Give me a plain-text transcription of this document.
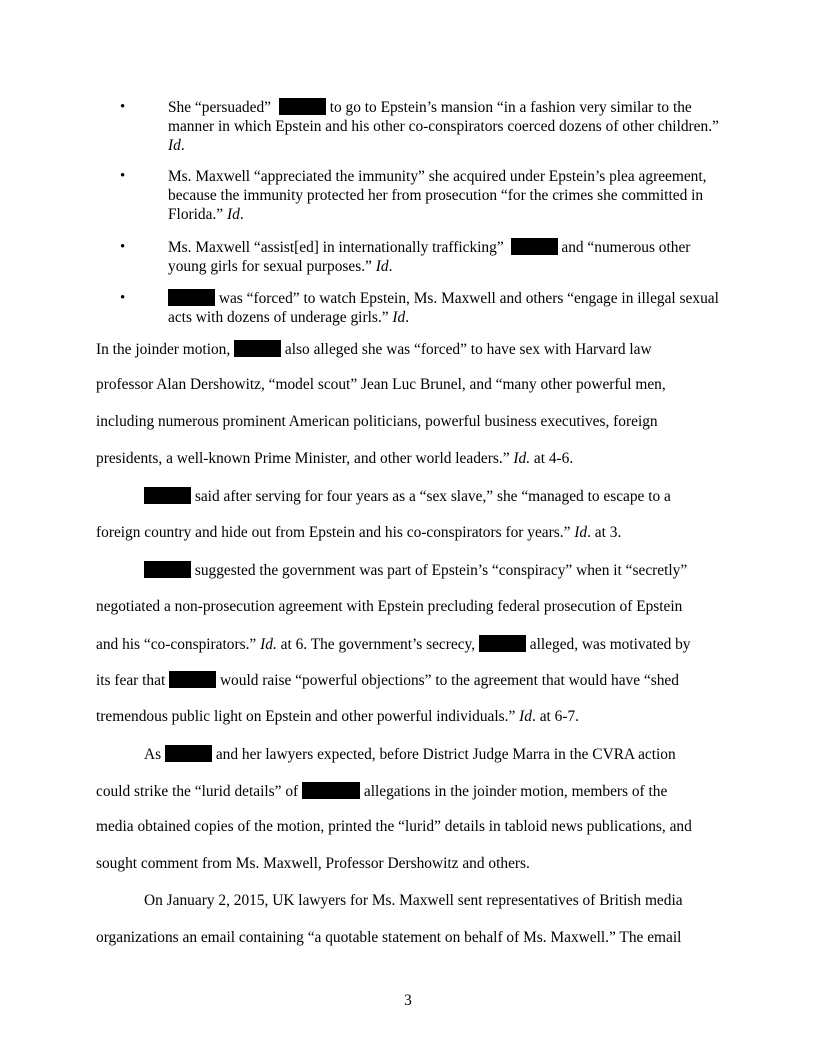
•	She “persuaded”	to go to Epstein’s mansion “in a fashion very similar to the manner in which Epstein and his other co-conspirators coerced dozens of other children.” Id.
•	Ms. Maxwell “appreciated the immunity” she acquired under Epstein’s plea agreement, because the immunity protected her from prosecution “for the crimes she committed in Florida.” Id.
•	Ms. Maxwell “assist[ed] in internationally trafficking”	and “numerous other young girls for sexual purposes.” Id.
•	was “forced” to watch Epstein, Ms. Maxwell and others “engage in illegal sexual acts with dozens of underage girls.” Id.
In the joinder motion,	also alleged she was “forced” to have sex with Harvard law
professor Alan Dershowitz, “model scout” Jean Luc Brunel, and “many other powerful men,
including numerous prominent American politicians, powerful business executives, foreign
presidents, a well-known Prime Minister, and other world leaders.” Id. at 4-6.
said after serving for four years as a “sex slave,” she “managed to escape to a
foreign country and hide out from Epstein and his co-conspirators for years.” Id. at 3.
suggested the government was part of Epstein’s “conspiracy” when it “secretly”
negotiated a non-prosecution agreement with Epstein precluding federal prosecution of Epstein
and his “co-conspirators.” Id. at 6. The government’s secrecy,	alleged, was motivated by
its fear that	would raise “powerful objections” to the agreement that would have “shed
tremendous public light on Epstein and other powerful individuals.” Id. at 6-7.
As	and her lawyers expected, before District Judge Marra in the CVRA action
could strike the “lurid details” of	allegations in the joinder motion, members of the
media obtained copies of the motion, printed the “lurid” details in tabloid news publications, and
sought comment from Ms. Maxwell, Professor Dershowitz and others.
On January 2, 2015, UK lawyers for Ms. Maxwell sent representatives of British media
organizations an email containing “a quotable statement on behalf of Ms. Maxwell.” The email
3
